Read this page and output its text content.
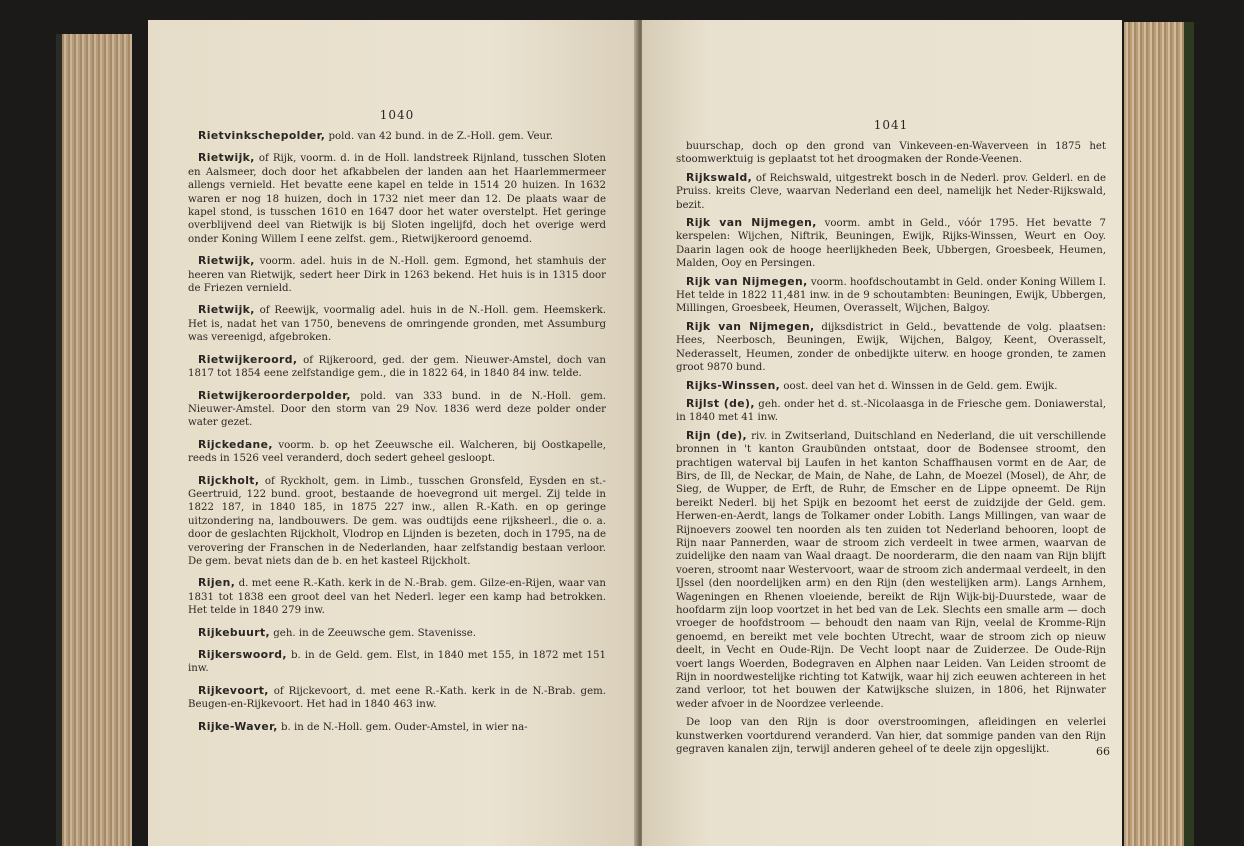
1040

Rietvinkschepolder, pold. van 42 bund. in de Z.-Holl. gem. Veur.

Rietwijk, of Rijk, voorm. d. in de Holl. landstreek Rijnland, tusschen Sloten en Aalsmeer, doch door het afkabbelen der landen aan het Haarlemmermeer allengs vernield. Het bevatte eene kapel en telde in 1514 20 huizen. In 1632 waren er nog 18 huizen, doch in 1732 niet meer dan 12. De plaats waar de kapel stond, is tusschen 1610 en 1647 door het water overstelpt. Het geringe overblijvend deel van Rietwijk is bij Sloten ingelijfd, doch het overige werd onder Koning Willem I eene zelfst. gem., Rietwijkeroord genoemd.

Rietwijk, voorm. adel. huis in de N.-Holl. gem. Egmond, het stamhuis der heeren van Rietwijk, sedert heer Dirk in 1263 bekend. Het huis is in 1315 door de Friezen vernield.

Rietwijk, of Reewijk, voormalig adel. huis in de N.-Holl. gem. Heemskerk. Het is, nadat het van 1750, benevens de omringende gronden, met Assumburg was vereenigd, afgebroken.

Rietwijkeroord, of Rijkeroord, ged. der gem. Nieuwer-Amstel, doch van 1817 tot 1854 eene zelfstandige gem., die in 1822 64, in 1840 84 inw. telde.

Rietwijkeroorderpolder, pold. van 333 bund. in de N.-Holl. gem. Nieuwer-Amstel. Door den storm van 29 Nov. 1836 werd deze polder onder water gezet.

Rijckedane, voorm. b. op het Zeeuwsche eil. Walcheren, bij Oostkapelle, reeds in 1526 veel veranderd, doch sedert geheel gesloopt.

Rijckholt, of Ryckholt, gem. in Limb., tusschen Gronsfeld, Eysden en st.-Geertruid, 122 bund. groot, bestaande de hoevegrond uit mergel. Zij telde in 1822 187, in 1840 185, in 1875 227 inw., allen R.-Kath. en op geringe uitzondering na, landbouwers. De gem. was oudtijds eene rijksheerl., die o. a. door de geslachten Rijckholt, Vlodrop en Lijnden is bezeten, doch in 1795, na de verovering der Franschen in de Nederlanden, haar zelfstandig bestaan verloor. De gem. bevat niets dan de b. en het kasteel Rijckholt.

Rijen, d. met eene R.-Kath. kerk in de N.-Brab. gem. Gilze-en-Rijen, waar van 1831 tot 1838 een groot deel van het Nederl. leger een kamp had betrokken. Het telde in 1840 279 inw.

Rijkebuurt, geh. in de Zeeuwsche gem. Stavenisse.

Rijkerswoord, b. in de Geld. gem. Elst, in 1840 met 155, in 1872 met 151 inw.

Rijkevoort, of Rijckevoort, d. met eene R.-Kath. kerk in de N.-Brab. gem. Beugen-en-Rijkevoort. Het had in 1840 463 inw.

Rijke-Waver, b. in de N.-Holl. gem. Ouder-Amstel, in wier na-

1041

buurschap, doch op den grond van Vinkeveen-en-Waverveen in 1875 het stoomwerktuig is geplaatst tot het droogmaken der Ronde-Veenen.

Rijkswald, of Reichswald, uitgestrekt bosch in de Nederl. prov. Gelderl. en de Pruiss. kreits Cleve, waarvan Nederland een deel, namelijk het Neder-Rijkswald, bezit.

Rijk van Nijmegen, voorm. ambt in Geld., vóór 1795. Het bevatte 7 kerspelen: Wijchen, Niftrik, Beuningen, Ewijk, Rijks-Winssen, Weurt en Ooy. Daarin lagen ook de hooge heerlijkheden Beek, Ubbergen, Groesbeek, Heumen, Malden, Ooy en Persingen.

Rijk van Nijmegen, voorm. hoofdschoutambt in Geld. onder Koning Willem I. Het telde in 1822 11,481 inw. in de 9 schoutambten: Beuningen, Ewijk, Ubbergen, Millingen, Groesbeek, Heumen, Overasselt, Wijchen, Balgoy.

Rijk van Nijmegen, dijksdistrict in Geld., bevattende de volg. plaatsen: Hees, Neerbosch, Beuningen, Ewijk, Wijchen, Balgoy, Keent, Overasselt, Nederasselt, Heumen, zonder de onbedijkte uiterw. en hooge gronden, te zamen groot 9870 bund.

Rijks-Winssen, oost. deel van het d. Winssen in de Geld. gem. Ewijk.

Rijlst (de), geh. onder het d. st.-Nicolaasga in de Friesche gem. Doniawerstal, in 1840 met 41 inw.

Rijn (de), riv. in Zwitserland, Duitschland en Nederland, die uit verschillende bronnen in 't kanton Graubünden ontstaat, door de Bodensee stroomt, den prachtigen waterval bij Laufen in het kanton Schaffhausen vormt en de Aar, de Birs, de Ill, de Neckar, de Main, de Nahe, de Lahn, de Moezel (Mosel), de Ahr, de Sieg, de Wupper, de Erft, de Ruhr, de Emscher en de Lippe opneemt. De Rijn bereikt Nederl. bij het Spijk en bezoomt het eerst de zuidzijde der Geld. gem. Herwen-en-Aerdt, langs de Tolkamer onder Lobith. Langs Millingen, van waar de Rijnoevers zoowel ten noorden als ten zuiden tot Nederland behooren, loopt de Rijn naar Pannerden, waar de stroom zich verdeelt in twee armen, waarvan de zuidelijke den naam van Waal draagt. De noorderarm, die den naam van Rijn blijft voeren, stroomt naar Westervoort, waar de stroom zich andermaal verdeelt, in den IJssel (den noordelijken arm) en den Rijn (den westelijken arm). Langs Arnhem, Wageningen en Rhenen vloeiende, bereikt de Rijn Wijk-bij-Duurstede, waar de hoofdarm zijn loop voortzet in het bed van de Lek. Slechts een smalle arm — doch vroeger de hoofdstroom — behoudt den naam van Rijn, veelal de Kromme-Rijn genoemd, en bereikt met vele bochten Utrecht, waar de stroom zich op nieuw deelt, in Vecht en Oude-Rijn. De Vecht loopt naar de Zuiderzee. De Oude-Rijn voert langs Woerden, Bodegraven en Alphen naar Leiden. Van Leiden stroomt de Rijn in noordwestelijke richting tot Katwijk, waar hij zich eeuwen achtereen in het zand verloor, tot het bouwen der Katwijksche sluizen, in 1806, het Rijnwater weder afvoer in de Noordzee verleende.

De loop van den Rijn is door overstroomingen, afleidingen en velerlei kunstwerken voortdurend veranderd. Van hier, dat sommige panden van den Rijn gegraven kanalen zijn, terwijl anderen geheel of te deele zijn opgeslijkt.	66
